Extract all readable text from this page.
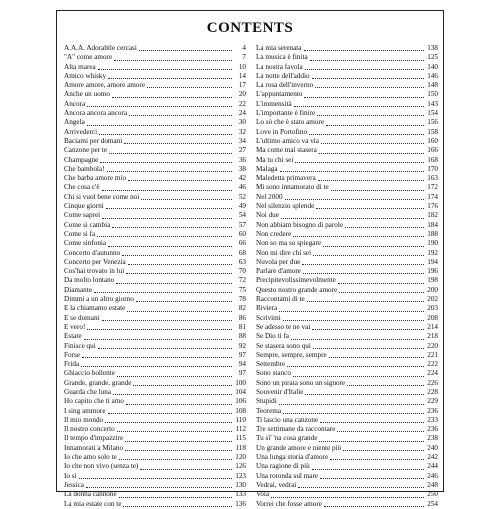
CONTENTS
A.A.A. Adorabile cercasi	4
"A" come amore	7
Alta marea	10
Amico whisky	14
Amore amore, amore amore	17
Anche un uomo	20
Ancora	22
Ancora ancora ancora	24
Angela	30
Arrivederci	32
Baciami per domani	34
Canzone per te	27
Champagne	36
Che bambola!	38
Che barba amore mio	42
Che cosa c'è	46
Chi si vuol bene come noi	52
Cinque giorni	49
Come saprei	54
Come si cambia	57
Come si fa	60
Come sinfonia	66
Concerto d'autunno	68
Concerto per Venezia	63
Cos'hai trovato in lui	70
Da molto lontano	72
Diamante	75
Dimmi a un altro giorno	78
E la chiamamo estate	82
E se domani	86
E vero!	81
Estate	88
Finisce qui	92
Forse	97
Frida	94
Ghiaccio bollente	97
Grande, grande, grande	100
Guarda che luna	104
Ho capito che ti amo	106
I sing ammore	108
Il mio mondo	110
Il nostro concerto	112
Il tempo d'impazzire	115
Innamorati a Milano	118
Io che amo solo te	120
Io che non vivo (senza te)	126
Io sì	123
Jessica	130
La donna cannone	133
La mia estate con te	136
La mia serenata	138
La musica è finita	125
La nostra favola	140
La notte dell'addio	146
La rosa dell'inverno	148
L'appuntamento	150
L'immensità	143
L'importante è finire	154
Lo sò che è stato amore	156
Love in Portofino	158
L'ultimo amico va via	160
Ma come mai stasera	166
Ma tu chi sei	168
Malaga	170
Maledetta primavera	163
Mi sono innamorato di te	172
Nel 2000	174
Nel silenzio splende	176
Noi due	182
Non abbiam bisogno di parole	184
Non credere	188
Non so ma so spiegare	190
Non mi dire chi sei	192
Nuvola per due	194
Parlare d'amore	196
Precipitevolissimevolmente	198
Questo nostro grande amore	200
Raccontami di te	202
Riviera	203
Scrivimi	208
Se adesso te ne vai	214
Se Dio ti fa	218
Se stasera sono qui	220
Sempre, sempre, sempre	221
Settembre	222
Sono stanco	224
Sono un pirata sono un signore	226
Souvenir d'Italie	228
Stupidi	229
Teorema	236
Ti lascio una canzone	233
Tre settimane da raccontare	236
Tu sì' 'na cosa grande	238
Un grande amore e niente più	240
Una lunga storia d'amore	242
Una ragione di più	244
Una rotonda sul mare	246
Vedrai, vedrai	248
Vola	250
Vorrei che fosse amore	254
